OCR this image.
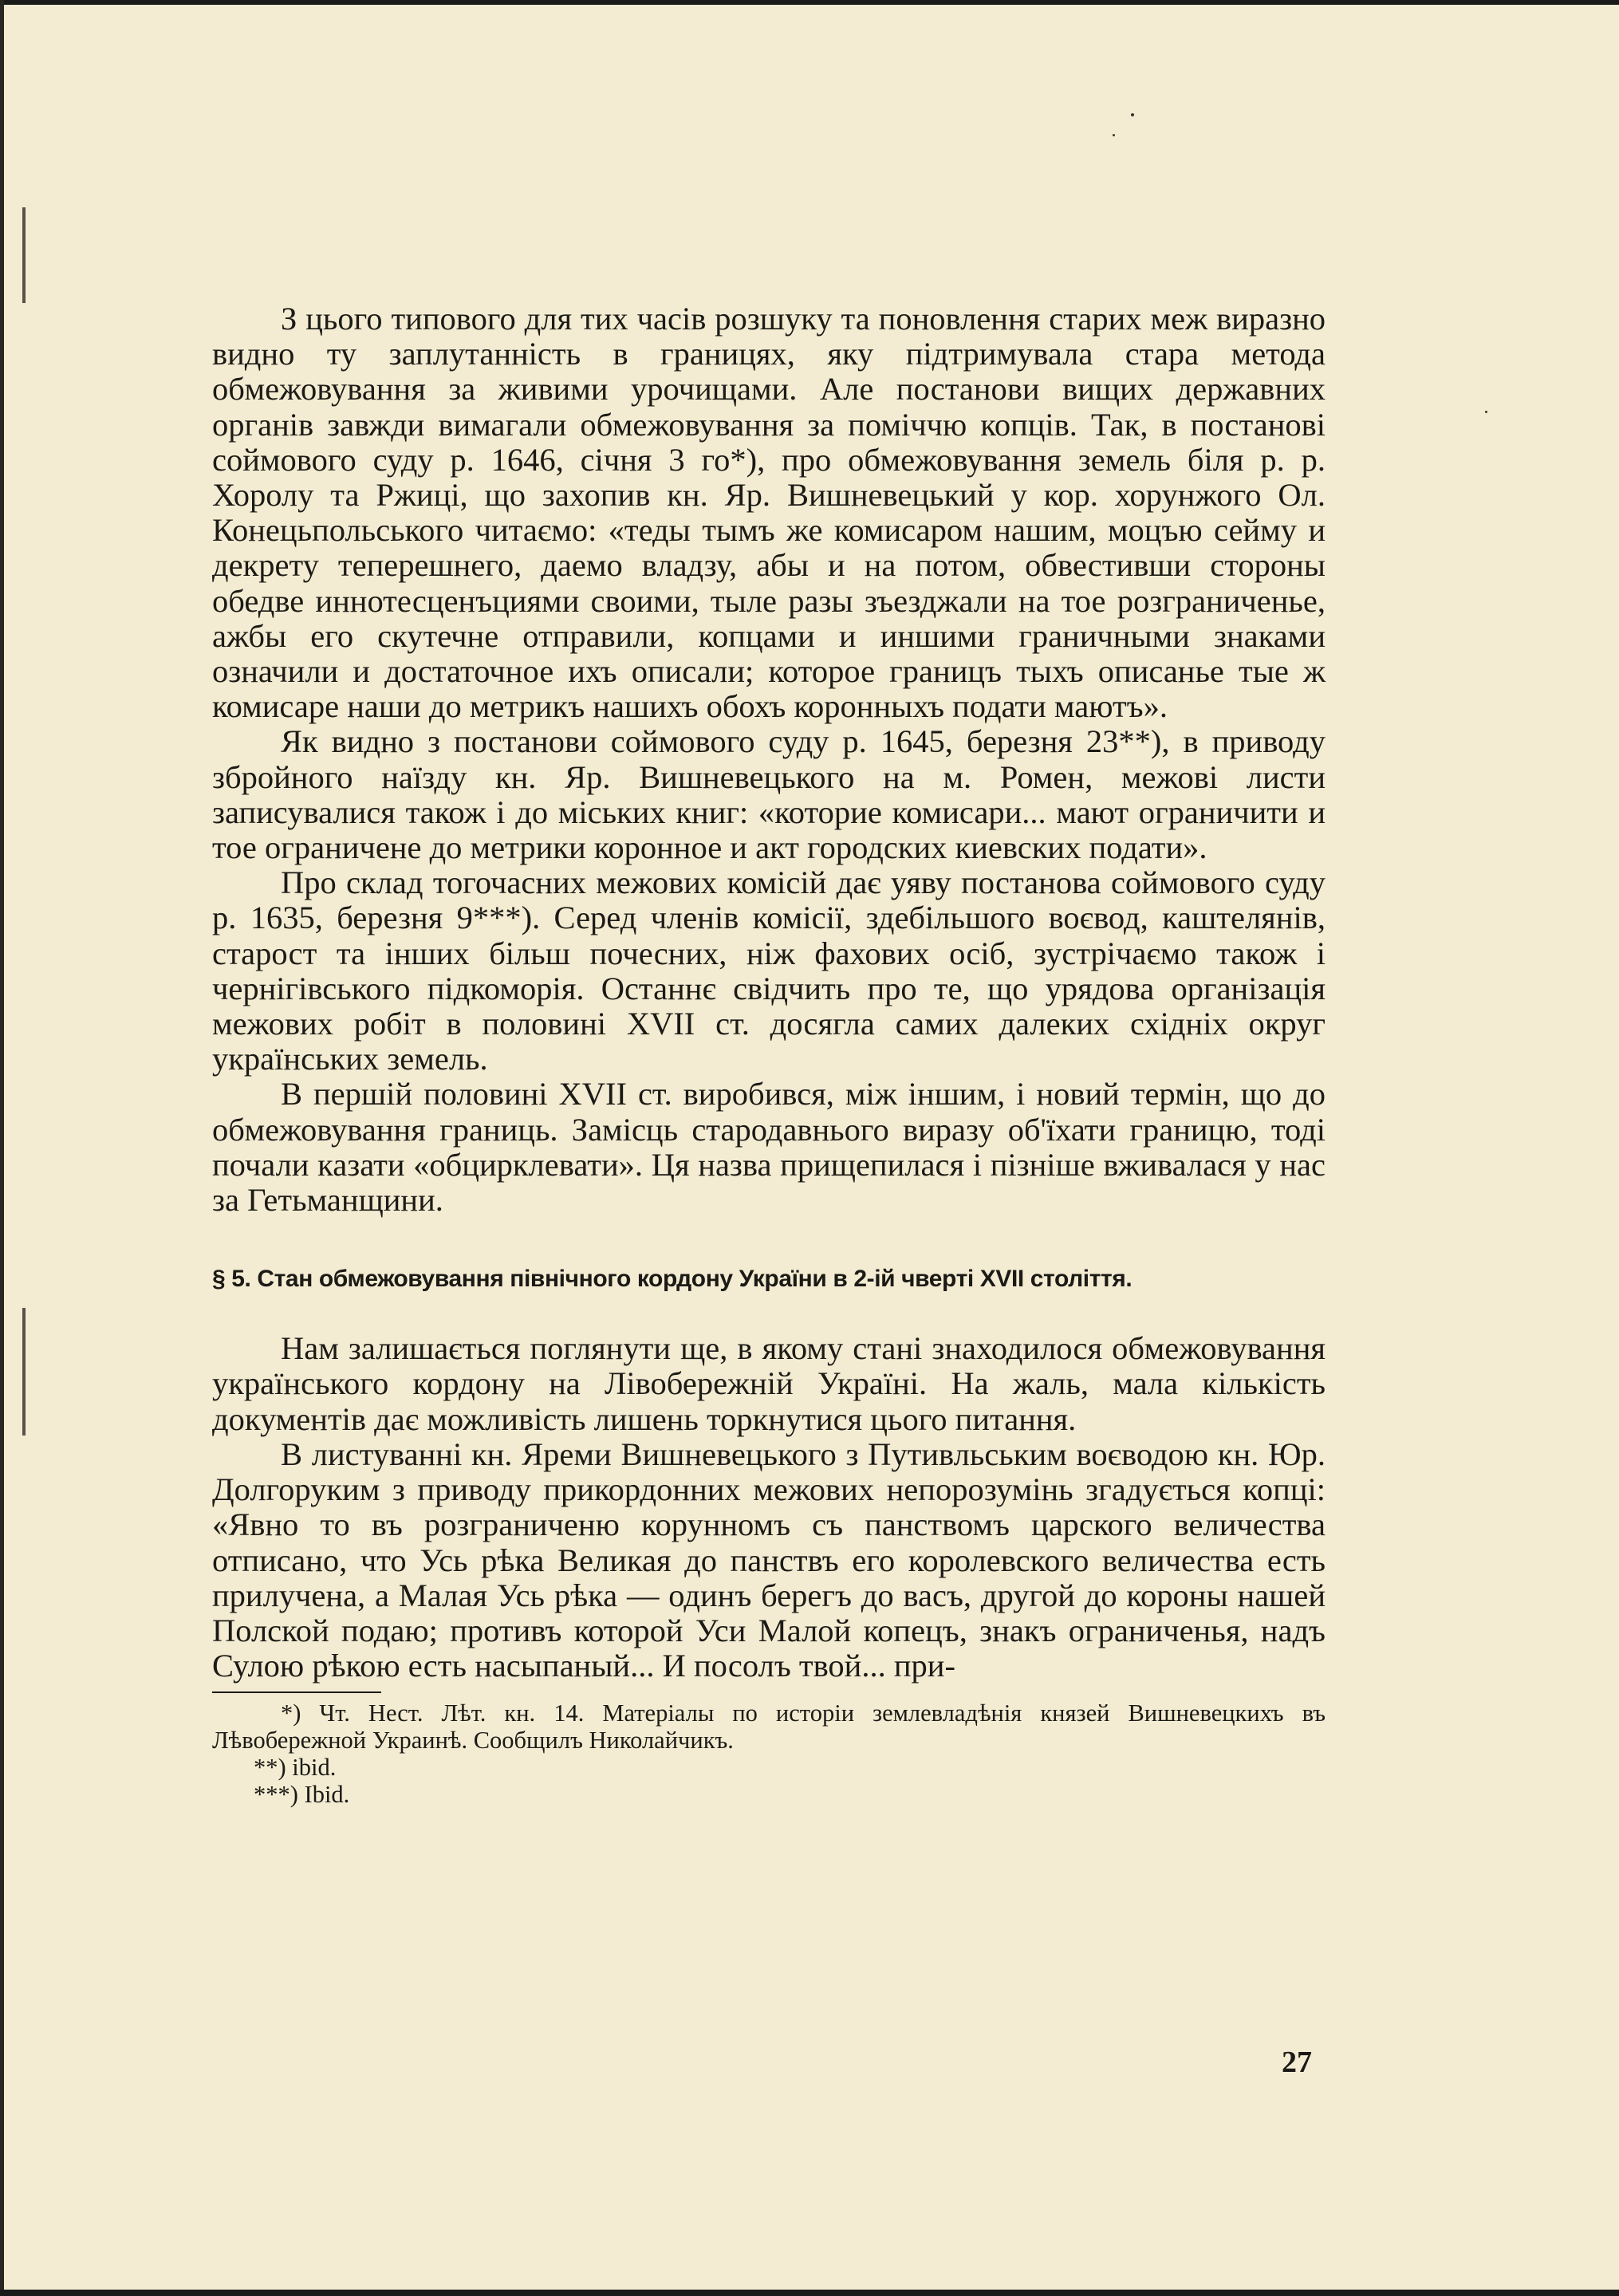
З цього типового для тих часів розшуку та поновлення старих меж виразно видно ту заплутанність в границях, яку підтримувала стара метода обмежовування за живими урочищами. Але постанови вищих державних органів завжди вимагали обмежовування за поміччю копців. Так, в постанові соймового суду р. 1646, січня 3 го*), про обмежовування земель біля р. р. Хоролу та Ржиці, що захопив кн. Яр. Вишневецький у кор. хорунжого Ол. Конецьпольського читаємо: «теды тымъ же комисаром нашим, моцъю сейму и декрету теперешнего, даемо владзу, абы и на потом, обвестивши стороны обедве иннотесценъциями своими, тыле разы зъезджали на тое розграниченье, ажбы его скутечне отправили, копцами и иншими граничными знаками означили и достаточное ихъ описали; которое границъ тыхъ описанье тые ж комисаре наши до метрикъ нашихъ обохъ коронныхъ подати маютъ».

Як видно з постанови соймового суду р. 1645, березня 23**), в приводу збройного наїзду кн. Яр. Вишневецького на м. Ромен, межові листи записувалися також і до міських книг: «которие комисари... мают ограничити и тое ограничене до метрики коронное и акт городских киевских подати».

Про склад тогочасних межових комісій дає уяву постанова соймового суду р. 1635, березня 9***). Серед членів комісії, здебільшого воєвод, каштелянів, старост та інших більш почесних, ніж фахових осіб, зустрічаємо також і чернігівського підкоморія. Останнє свідчить про те, що урядова організація межових робіт в половині XVII ст. досягла самих далеких східніх округ українських земель.

В першій половині XVII ст. виробився, між іншим, і новий термін, що до обмежовування границь. Замісць стародавнього виразу об'їхати границю, тоді почали казати «обцирклевати». Ця назва прищепилася і пізніше вживалася у нас за Гетьманщини.

§ 5. Стан обмежовування північного кордону України в 2-ій чверті XVII століття.

Нам залишається поглянути ще, в якому стані знаходилося обмежовування українського кордону на Лівобережній Україні. На жаль, мала кількість документів дає можливість лишень торкнутися цього питання.

В листуванні кн. Яреми Вишневецького з Путивльським воєводою кн. Юр. Долгоруким з приводу прикордонних межових непорозумінь згадується копці: «Явно то въ розграниченю корунномъ съ панствомъ царского величества отписано, что Усь рѣка Великая до панствъ его королевского величества есть прилучена, а Малая Усь рѣка — одинъ берегъ до васъ, другой до короны нашей Полской подаю; противъ которой Уси Малой копецъ, знакъ ограниченья, надъ Сулою рѣкою есть насыпаный... И посолъ твой... при-

*) Чт. Нест. Лѣт. кн. 14. Матеріалы по исторіи землевладѣнія князей Вишневецкихъ въ Лѣвобережной Украинѣ. Сообщилъ Николайчикъ.

**) ibid.

***) Ibid.

27
